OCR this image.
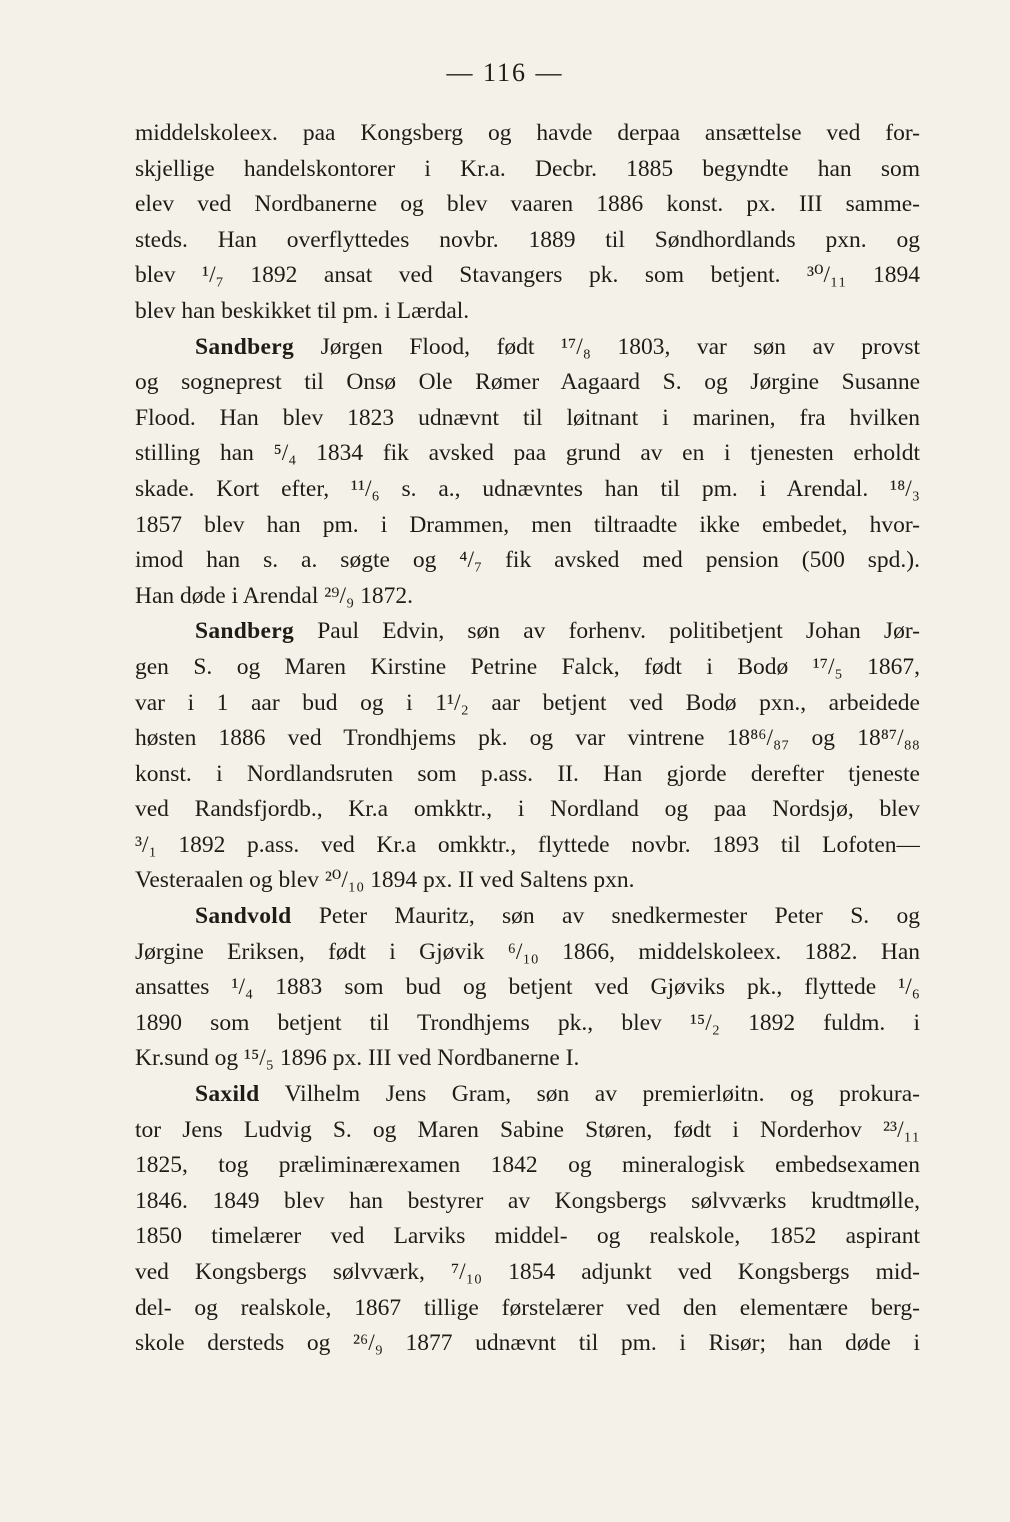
— 116 —
middelskoleex. paa Kongsberg og havde derpaa ansættelse ved for-
skjellige handelskontorer i Kr.a. Decbr. 1885 begyndte han som
elev ved Nordbanerne og blev vaaren 1886 konst. px. III samme-
steds. Han overflyttedes novbr. 1889 til Søndhordlands pxn. og
blev ¹/₇ 1892 ansat ved Stavangers pk. som betjent. ³⁰/₁₁ 1894
blev han beskikket til pm. i Lærdal.
Sandberg Jørgen Flood, født ¹⁷/₈ 1803, var søn av provst
og sogneprest til Onsø Ole Rømer Aagaard S. og Jørgine Susanne
Flood. Han blev 1823 udnævnt til løitnant i marinen, fra hvilken
stilling han ⁵/₄ 1834 fik avsked paa grund av en i tjenesten erholdt
skade. Kort efter, ¹¹/₆ s. a., udnævntes han til pm. i Arendal. ¹⁸/₃
1857 blev han pm. i Drammen, men tiltraadte ikke embedet, hvor-
imod han s. a. søgte og ⁴/₇ fik avsked med pension (500 spd.).
Han døde i Arendal ²⁹/₉ 1872.
Sandberg Paul Edvin, søn av forhenv. politibetjent Johan Jør-
gen S. og Maren Kirstine Petrine Falck, født i Bodø ¹⁷/₅ 1867,
var i 1 aar bud og i 1¹/₂ aar betjent ved Bodø pxn., arbeidede
høsten 1886 ved Trondhjems pk. og var vintrene 18⁸⁶/₈₇ og 18⁸⁷/₈₈
konst. i Nordlandsruten som p.ass. II. Han gjorde derefter tjeneste
ved Randsfjordb., Kr.a omkktr., i Nordland og paa Nordsjø, blev
³/₁ 1892 p.ass. ved Kr.a omkktr., flyttede novbr. 1893 til Lofoten—
Vesteraalen og blev ²⁰/₁₀ 1894 px. II ved Saltens pxn.
Sandvold Peter Mauritz, søn av snedkermester Peter S. og
Jørgine Eriksen, født i Gjøvik ⁶/₁₀ 1866, middelskoleex. 1882. Han
ansattes ¹/₄ 1883 som bud og betjent ved Gjøviks pk., flyttede ¹/₆
1890 som betjent til Trondhjems pk., blev ¹⁵/₂ 1892 fuldm. i
Kr.sund og ¹⁵/₅ 1896 px. III ved Nordbanerne I.
Saxild Vilhelm Jens Gram, søn av premierløitn. og prokura-
tor Jens Ludvig S. og Maren Sabine Støren, født i Norderhov ²³/₁₁
1825, tog præliminærexamen 1842 og mineralogisk embedsexamen
1846. 1849 blev han bestyrer av Kongsbergs sølvværks krudtmølle,
1850 timelærer ved Larviks middel- og realskole, 1852 aspirant
ved Kongsbergs sølvværk, ⁷/₁₀ 1854 adjunkt ved Kongsbergs mid-
del- og realskole, 1867 tillige førstelærer ved den elementære berg-
skole dersteds og ²⁶/₉ 1877 udnævnt til pm. i Risør; han døde i
